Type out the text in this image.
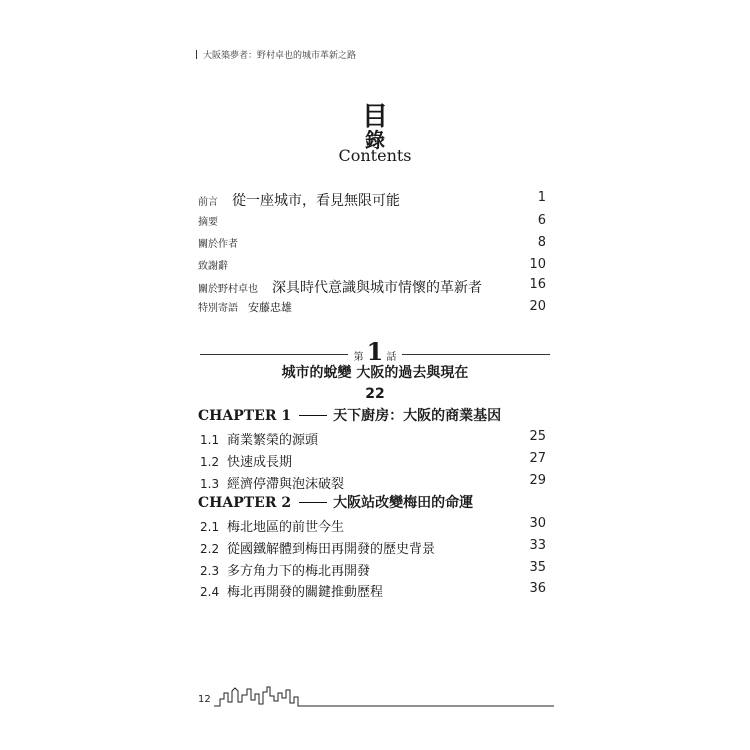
大阪築夢者：野村卓也的城市革新之路
目
錄
Contents
前言 從一座城市，看見無限可能	1
摘要	6
關於作者	8
致謝辭	10
關於野村卓也 深具時代意識與城市情懷的革新者	16
特別寄語 安藤忠雄	20
第 1 話
城市的蛻變 大阪的過去與現在
22
CHAPTER 1	天下廚房：大阪的商業基因
1.1 商業繁榮的源頭	25
1.2 快速成長期	27
1.3 經濟停滯與泡沫破裂	29
CHAPTER 2	大阪站改變梅田的命運
2.1 梅北地區的前世今生	30
2.2 從國鐵解體到梅田再開發的歷史背景	33
2.3 多方角力下的梅北再開發	35
2.4 梅北再開發的關鍵推動歷程	36
12
